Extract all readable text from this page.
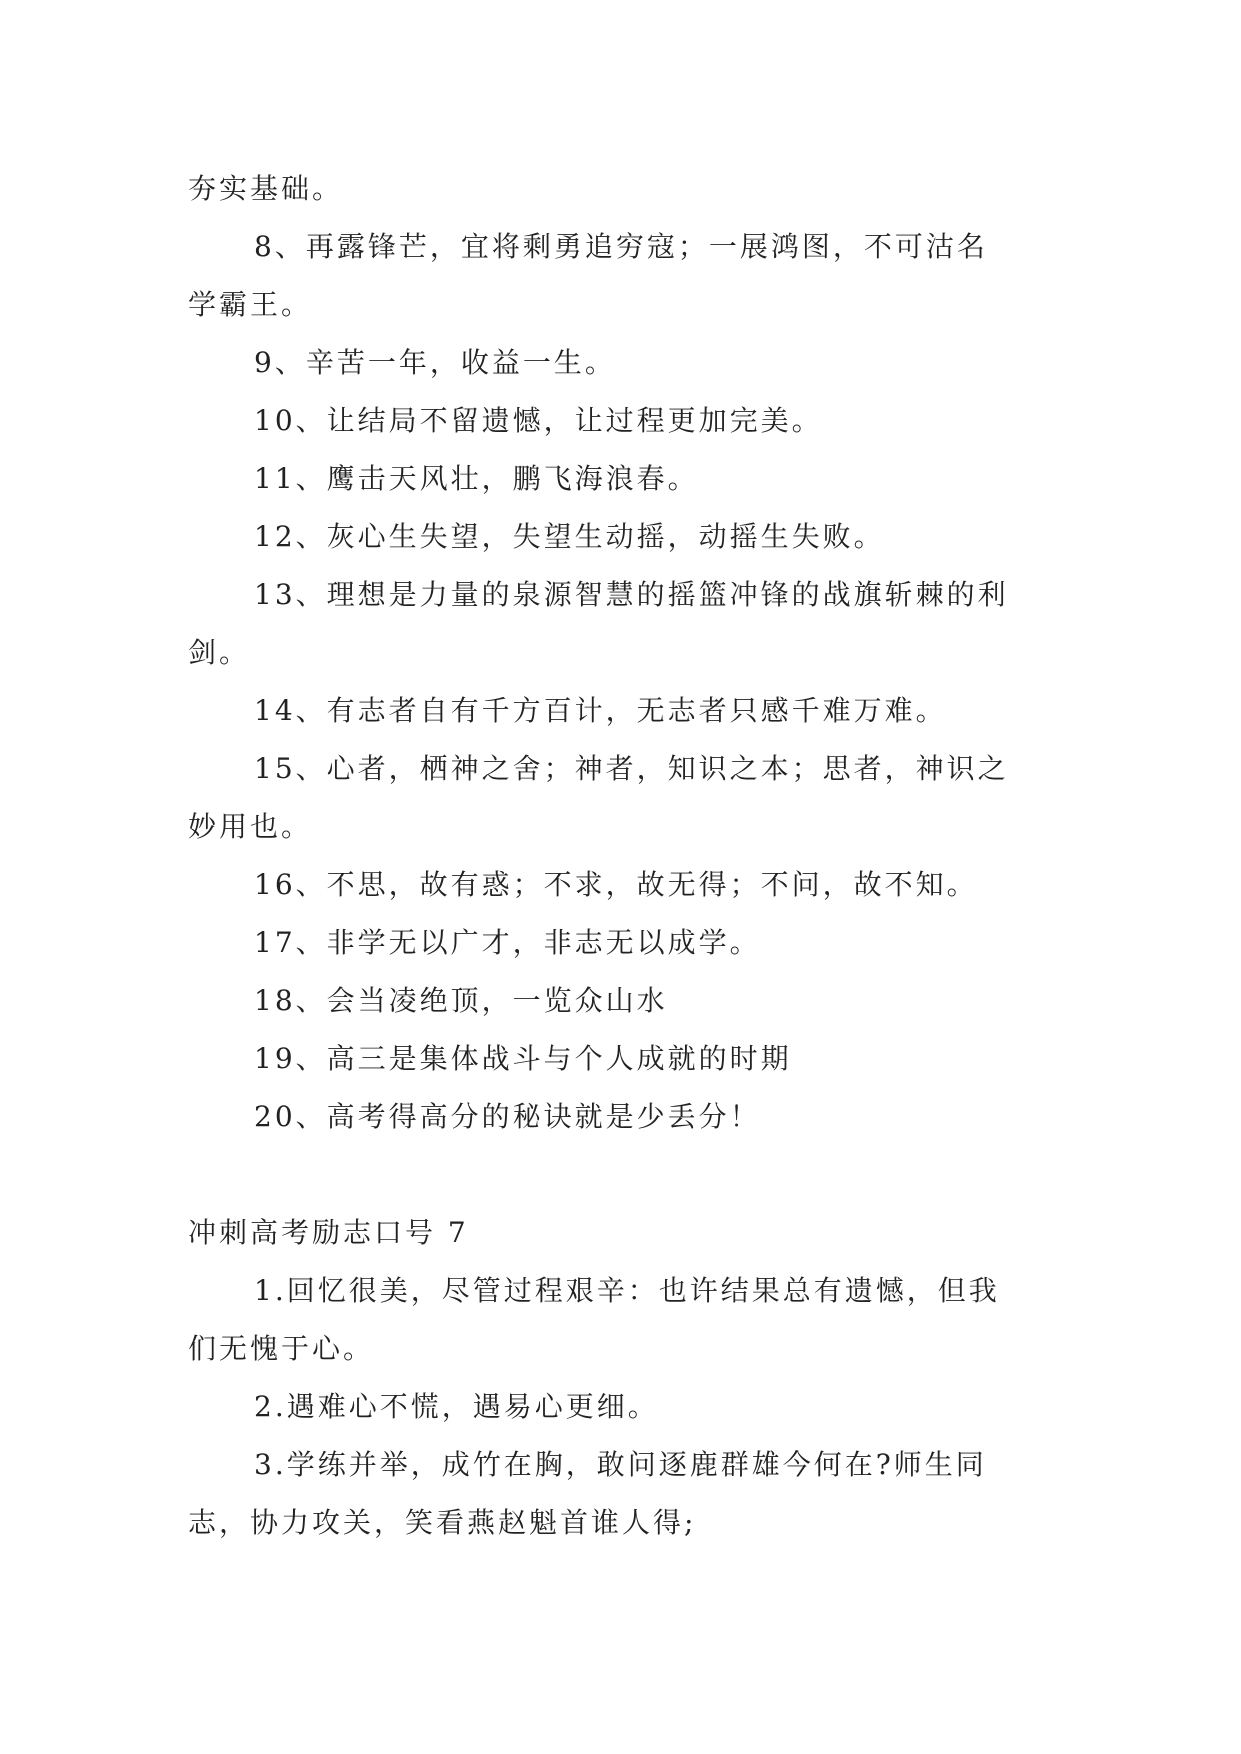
夯实基础。
8、再露锋芒，宜将剩勇追穷寇；一展鸿图，不可沽名
学霸王。
9、辛苦一年，收益一生。
10、让结局不留遗憾，让过程更加完美。
11、鹰击天风壮，鹏飞海浪春。
12、灰心生失望，失望生动摇，动摇生失败。
13、理想是力量的泉源智慧的摇篮冲锋的战旗斩棘的利
剑。
14、有志者自有千方百计，无志者只感千难万难。
15、心者，栖神之舍；神者，知识之本；思者，神识之
妙用也。
16、不思，故有惑；不求，故无得；不问，故不知。
17、非学无以广才，非志无以成学。
18、会当凌绝顶，一览众山水
19、高三是集体战斗与个人成就的时期
20、高考得高分的秘诀就是少丢分！
冲刺高考励志口号 7
1.回忆很美，尽管过程艰辛：也许结果总有遗憾，但我
们无愧于心。
2.遇难心不慌，遇易心更细。
3.学练并举，成竹在胸，敢问逐鹿群雄今何在?师生同
志，协力攻关，笑看燕赵魁首谁人得;
